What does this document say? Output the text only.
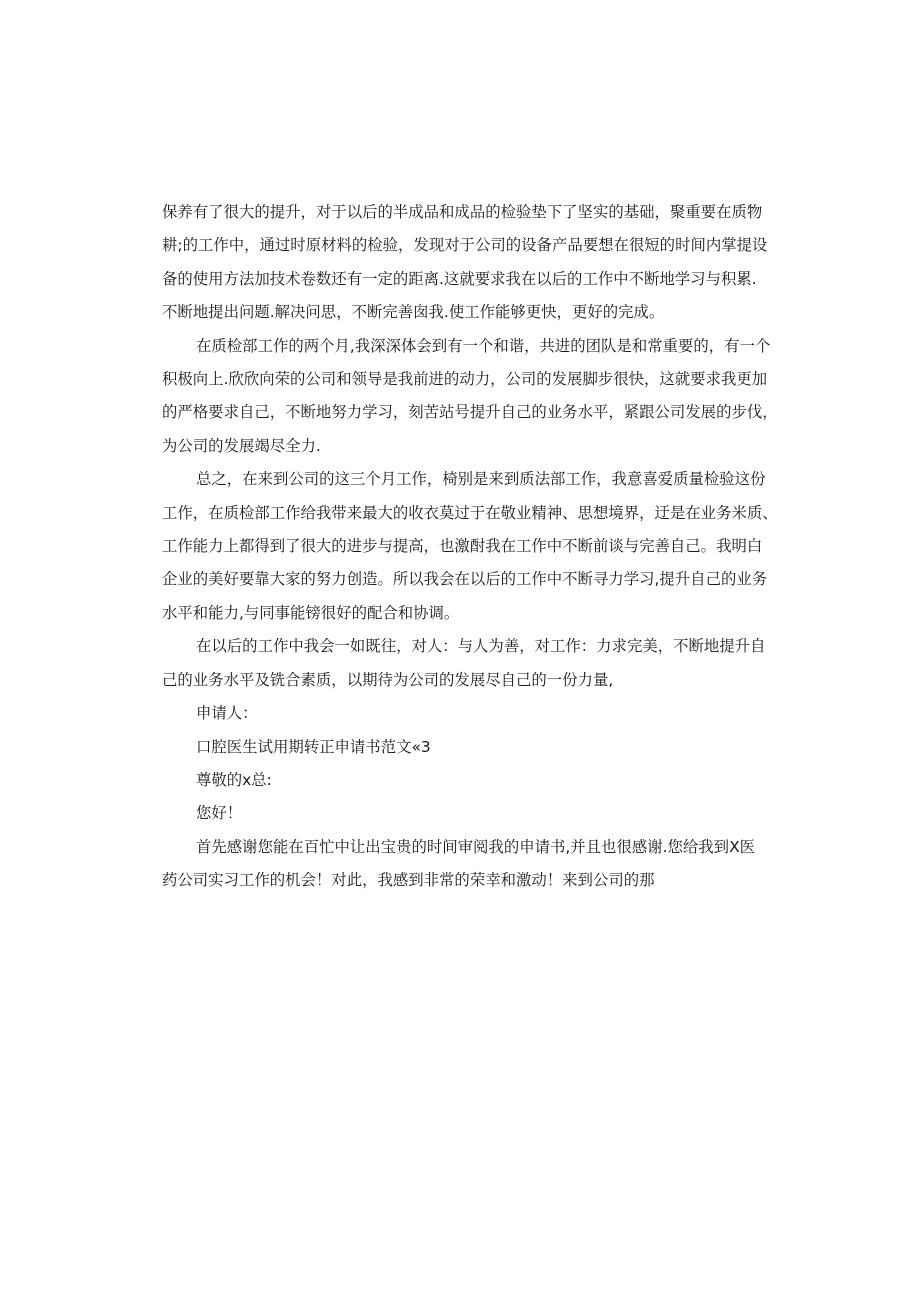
保养有了很大的提升，对于以后的半成品和成品的检验垫下了坚实的基础，聚重要在质物
耕;的工作中，通过时原材料的检验，发现对于公司的设备产品要想在很短的时间内掌提设
备的使用方法加技术卷数还有一定的距离.这就要求我在以后的工作中不断地学习与积累.
不断地提出问题.解决问思，不断完善囱我.使工作能够更快，更好的完成。

在质检部工作的两个月,我深深体会到有一个和谐，共进的团队是和常重要的，有一个
积极向上.欣欣向荣的公司和领导是我前进的动力，公司的发展脚步很快，这就要求我更加
的严格要求自己，不断地努力学习，刻苦站号提升自己的业务水平，紧跟公司发展的步伐，
为公司的发展竭尽全力.

总之，在来到公司的这三个月工作，椅别是来到质法部工作，我意喜爱质量检验这份
工作，在质检部工作给我带来最大的收衣莫过于在敬业精神、思想境界，迂是在业务米质、
工作能力上都得到了很大的进步与提高，也激酎我在工作中不断前谈与完善自己。我明白
企业的美好要靠大家的努力创造。所以我会在以后的工作中不断寻力学习,提升自己的业务
水平和能力,与同事能镑很好的配合和协调。

在以后的工作中我会一如既往，对人：与人为善，对工作：力求完美，不断地提升自
己的业务水平及铣合素质，以期待为公司的发展尽自己的一份力量,

申请人：

口腔医生试用期转正申请书范文«3

尊敬的x总:

您好！

首先感谢您能在百忙中让出宝贵的时间审阅我的申请书,并且也很感谢.您给我到X医
药公司实习工作的机会！对此，我感到非常的荣幸和激动！来到公司的那
